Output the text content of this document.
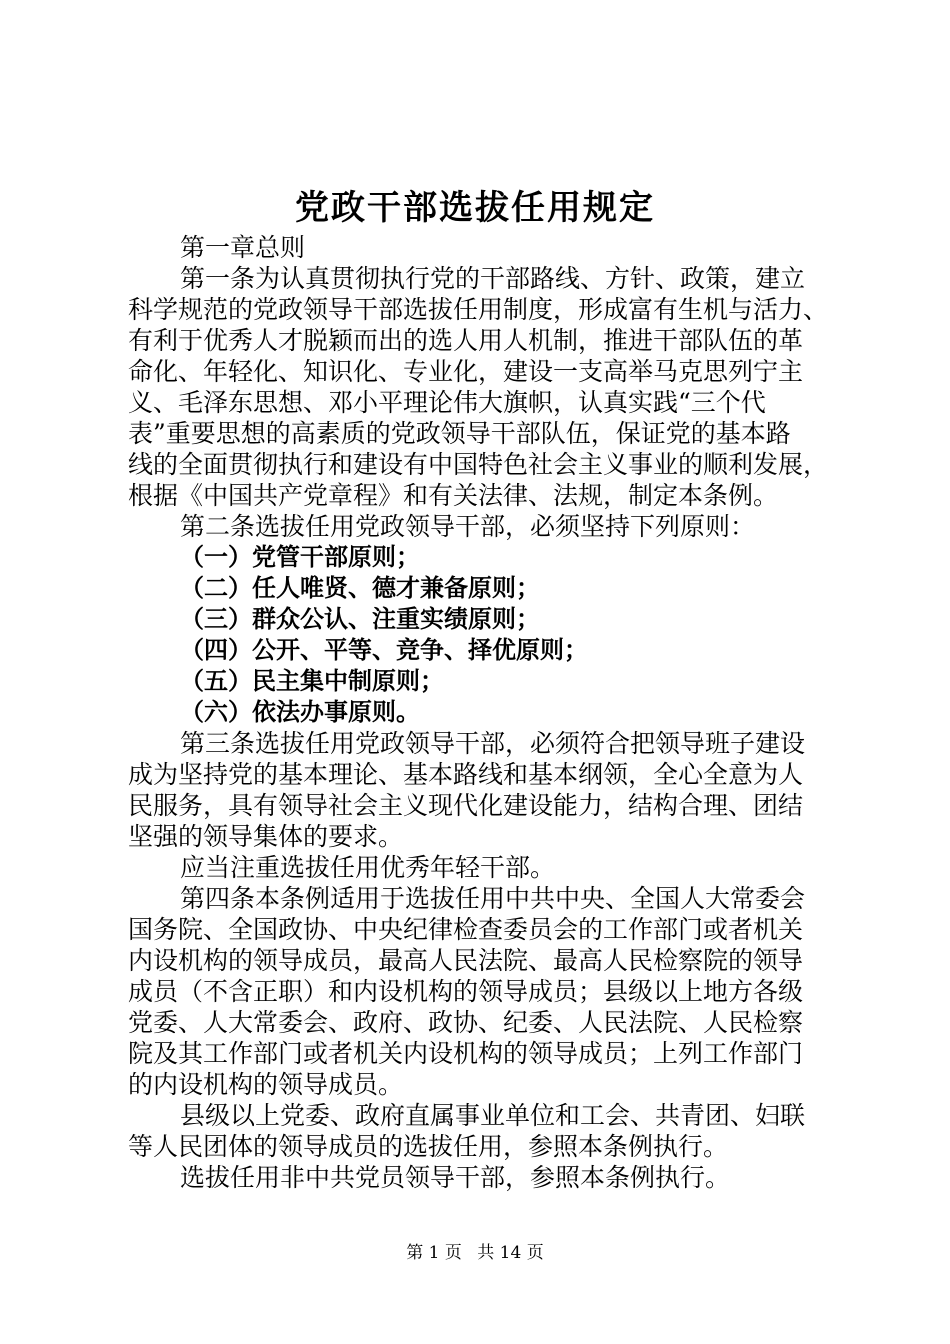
党政干部选拔任用规定
第一章总则
第一条为认真贯彻执行党的干部路线、方针、政策，建立
科学规范的党政领导干部选拔任用制度，形成富有生机与活力、
有利于优秀人才脱颖而出的选人用人机制，推进干部队伍的革
命化、年轻化、知识化、专业化，建设一支高举马克思列宁主
义、毛泽东思想、邓小平理论伟大旗帜，认真实践“三个代
表”重要思想的高素质的党政领导干部队伍，保证党的基本路
线的全面贯彻执行和建设有中国特色社会主义事业的顺利发展，
根据《中国共产党章程》和有关法律、法规，制定本条例。
第二条选拔任用党政领导干部，必须坚持下列原则：
（一）党管干部原则；
（二）任人唯贤、德才兼备原则；
（三）群众公认、注重实绩原则；
（四）公开、平等、竞争、择优原则；
（五）民主集中制原则；
（六）依法办事原则。
第三条选拔任用党政领导干部，必须符合把领导班子建设
成为坚持党的基本理论、基本路线和基本纲领，全心全意为人
民服务，具有领导社会主义现代化建设能力，结构合理、团结
坚强的领导集体的要求。
应当注重选拔任用优秀年轻干部。
第四条本条例适用于选拔任用中共中央、全国人大常委会
国务院、全国政协、中央纪律检查委员会的工作部门或者机关
内设机构的领导成员，最高人民法院、最高人民检察院的领导
成员（不含正职）和内设机构的领导成员；县级以上地方各级
党委、人大常委会、政府、政协、纪委、人民法院、人民检察
院及其工作部门或者机关内设机构的领导成员；上列工作部门
的内设机构的领导成员。
县级以上党委、政府直属事业单位和工会、共青团、妇联
等人民团体的领导成员的选拔任用，参照本条例执行。
选拔任用非中共党员领导干部，参照本条例执行。
第 1 页 共 14 页
